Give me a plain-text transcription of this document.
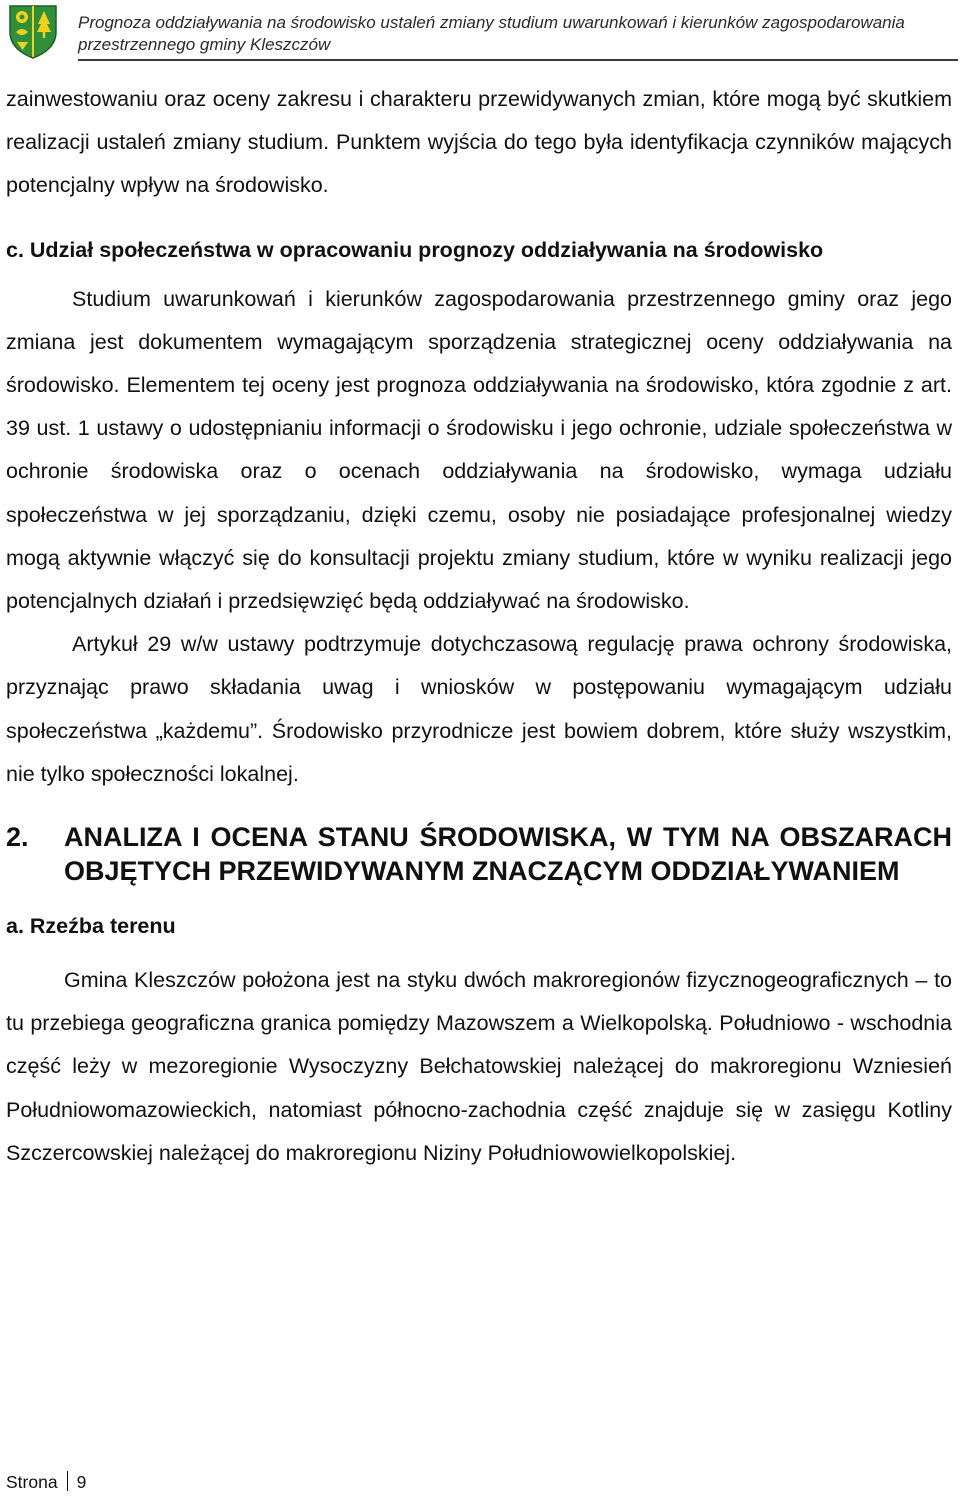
Prognoza oddziaływania na środowisko ustaleń zmiany studium uwarunkowań i kierunków zagospodarowania przestrzennego gminy Kleszczów

zainwestowaniu oraz oceny zakresu i charakteru przewidywanych zmian, które mogą być skutkiem realizacji ustaleń zmiany studium. Punktem wyjścia do tego była identyfikacja czynników mających potencjalny wpływ na środowisko.

c. Udział społeczeństwa w opracowaniu prognozy oddziaływania na środowisko

Studium uwarunkowań i kierunków zagospodarowania przestrzennego gminy oraz jego zmiana jest dokumentem wymagającym sporządzenia strategicznej oceny oddziaływania na środowisko. Elementem tej oceny jest prognoza oddziaływania na środowisko, która zgodnie z art. 39 ust. 1 ustawy o udostępnianiu informacji o środowisku i jego ochronie, udziale społeczeństwa w ochronie środowiska oraz o ocenach oddziaływania na środowisko, wymaga udziału społeczeństwa w jej sporządzaniu, dzięki czemu, osoby nie posiadające profesjonalnej wiedzy mogą aktywnie włączyć się do konsultacji projektu zmiany studium, które w wyniku realizacji jego potencjalnych działań i przedsięwzięć będą oddziaływać na środowisko.

Artykuł 29 w/w ustawy podtrzymuje dotychczasową regulację prawa ochrony środowiska, przyznając prawo składania uwag i wniosków w postępowaniu wymagającym udziału społeczeństwa „każdemu”. Środowisko przyrodnicze jest bowiem dobrem, które służy wszystkim, nie tylko społeczności lokalnej.

2.	ANALIZA I OCENA STANU ŚRODOWISKA, W TYM NA OBSZARACH OBJĘTYCH PRZEWIDYWANYM ZNACZĄCYM ODDZIAŁYWANIEM
a. Rzeźba terenu

Gmina Kleszczów położona jest na styku dwóch makroregionów fizycznogeograficznych – to tu przebiega geograficzna granica pomiędzy Mazowszem a Wielkopolską. Południowo - wschodnia część leży w mezoregionie Wysoczyzny Bełchatowskiej należącej do makroregionu Wzniesień Południowomazowieckich, natomiast północno-zachodnia część znajduje się w zasięgu Kotliny Szczercowskiej należącej do makroregionu Niziny Południowowielkopolskiej.

Strona 9
